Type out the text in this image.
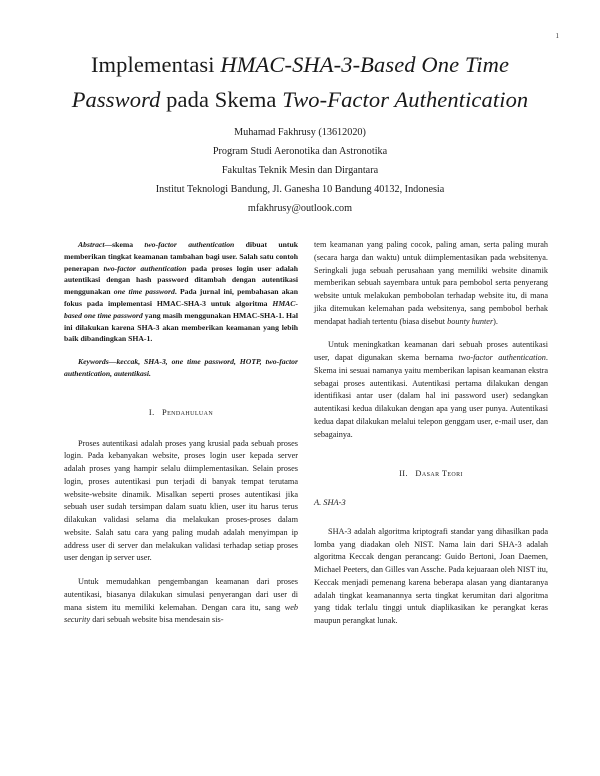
1
Implementasi HMAC-SHA-3-Based One Time
Password pada Skema Two-Factor Authentication
Muhamad Fakhrusy (13612020)
Program Studi Aeronotika dan Astronotika
Fakultas Teknik Mesin dan Dirgantara
Institut Teknologi Bandung, Jl. Ganesha 10 Bandung 40132, Indonesia
mfakhrusy@outlook.com

Abstract—skema two-factor authentication dibuat untuk memberikan tingkat keamanan tambahan bagi user. Salah satu contoh penerapan two-factor authentication pada proses login user adalah autentikasi dengan hash password ditambah dengan autentikasi menggunakan one time password. Pada jurnal ini, pembahasan akan fokus pada implementasi HMAC-SHA-3 untuk algoritma HMAC-based one time password yang masih menggunakan HMAC-SHA-1. Hal ini dilakukan karena SHA-3 akan memberikan keamanan yang lebih baik dibandingkan SHA-1.

Keywords—keccak, SHA-3, one time password, HOTP, two-factor authentication, autentikasi.

I. Pendahuluan

Proses autentikasi adalah proses yang krusial pada sebuah proses login. Pada kebanyakan website, proses login user kepada server adalah proses yang hampir selalu diimplementasikan. Selain proses login, proses autentikasi pun terjadi di banyak tempat terutama website-website dinamik. Misalkan seperti proses autentikasi jika sebuah user sudah tersimpan dalam suatu klien, user itu harus terus dilakukan validasi selama dia melakukan proses-proses dalam website. Salah satu cara yang paling mudah adalah menyimpan ip address user di server dan melakukan validasi terhadap setiap proses user dengan ip server user.

Untuk memudahkan pengembangan keamanan dari proses autentikasi, biasanya dilakukan simulasi penyerangan dari user di mana sistem itu memiliki kelemahan. Dengan cara itu, sang web security dari sebuah website bisa mendesain sis-

tem keamanan yang paling cocok, paling aman, serta paling murah (secara harga dan waktu) untuk diimplementasikan pada websitenya. Seringkali juga sebuah perusahaan yang memiliki website dinamik memberikan sebuah sayembara untuk para pembobol serta penyerang website untuk melakukan pembobolan terhadap website itu, di mana jika ditemukan kelemahan pada websitenya, sang pembobol berhak mendapat hadiah tertentu (biasa disebut bounty hunter).

Untuk meningkatkan keamanan dari sebuah proses autentikasi user, dapat digunakan skema bernama two-factor authentication. Skema ini sesuai namanya yaitu memberikan lapisan keamanan ekstra sebagai proses autentikasi. Autentikasi pertama dilakukan dengan identifikasi antar user (dalam hal ini password user) sedangkan autentikasi kedua dilakukan dengan apa yang user punya. Autentikasi kedua dapat dilakukan melalui telepon genggam user, e-mail user, dan sebagainya.

II. Dasar Teori
A. SHA-3

SHA-3 adalah algoritma kriptografi standar yang dihasilkan pada lomba yang diadakan oleh NIST. Nama lain dari SHA-3 adalah algoritma Keccak dengan perancang: Guido Bertoni, Joan Daemen, Michael Peeters, dan Gilles van Assche. Pada kejuaraan oleh NIST itu, Keccak menjadi pemenang karena beberapa alasan yang diantaranya adalah tingkat keamanannya serta tingkat kerumitan dari algoritma yang tidak terlalu tinggi untuk diaplikasikan ke perangkat keras maupun perangkat lunak.
